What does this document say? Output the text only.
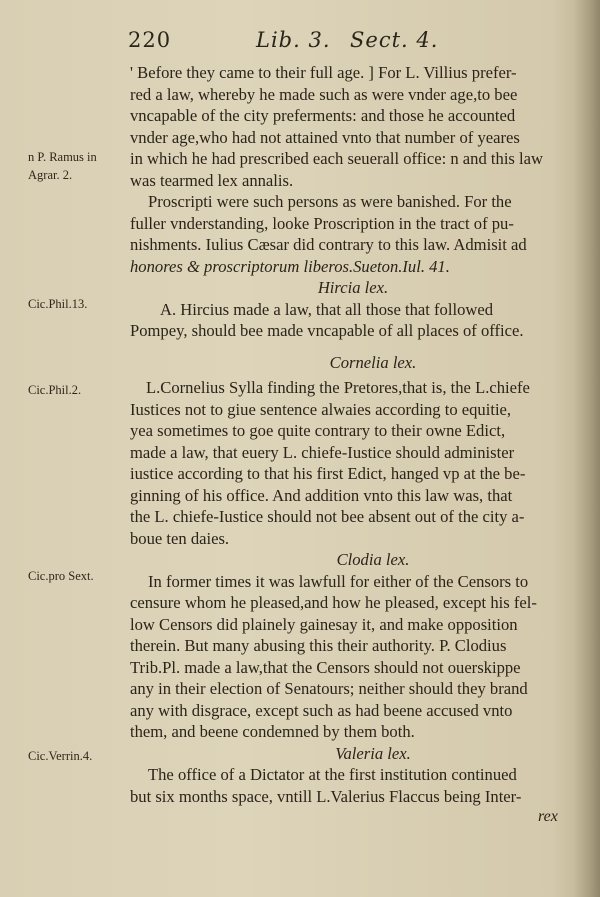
220	Lib. 3. Sect. 4.
n P. Ramus in
Agrar. 2.
Cic.Phil.13.
Cic.Phil.2.
Cic.pro Sext.
Cic.Verrin.4.
' Before they came to their full age. ] For L. Villius prefer-
red a law, whereby he made such as were vnder age,to bee
vncapable of the city preferments: and those he accounted
vnder age,who had not attained vnto that number of yeares
in which he had prescribed each seuerall office: n and this law
was tearmed lex annalis.
Proscripti were such persons as were banished. For the
fuller vnderstanding, looke Proscription in the tract of pu-
nishments. Iulius Cæsar did contrary to this law. Admisit ad
honores & proscriptorum liberos.Sueton.Iul. 41.
Hircia lex.
A. Hircius made a law, that all those that followed
Pompey, should bee made vncapable of all places of office.
Cornelia lex.
L.Cornelius Sylla finding the Pretores,that is, the L.chiefe
Iustices not to giue sentence alwaies according to equitie,
yea sometimes to goe quite contrary to their owne Edict,
made a law, that euery L. chiefe-Iustice should administer
iustice according to that his first Edict, hanged vp at the be-
ginning of his office. And addition vnto this law was, that
the L. chiefe-Iustice should not bee absent out of the city a-
boue ten daies.
Clodia lex.
In former times it was lawfull for either of the Censors to
censure whom he pleased,and how he pleased, except his fel-
low Censors did plainely gainesay it, and make opposition
therein. But many abusing this their authority. P. Clodius
Trib.Pl. made a law,that the Censors should not ouerskippe
any in their election of Senatours; neither should they brand
any with disgrace, except such as had beene accused vnto
them, and beene condemned by them both.
Valeria lex.
The office of a Dictator at the first institution continued
but six months space, vntill L.Valerius Flaccus being Inter-
rex
